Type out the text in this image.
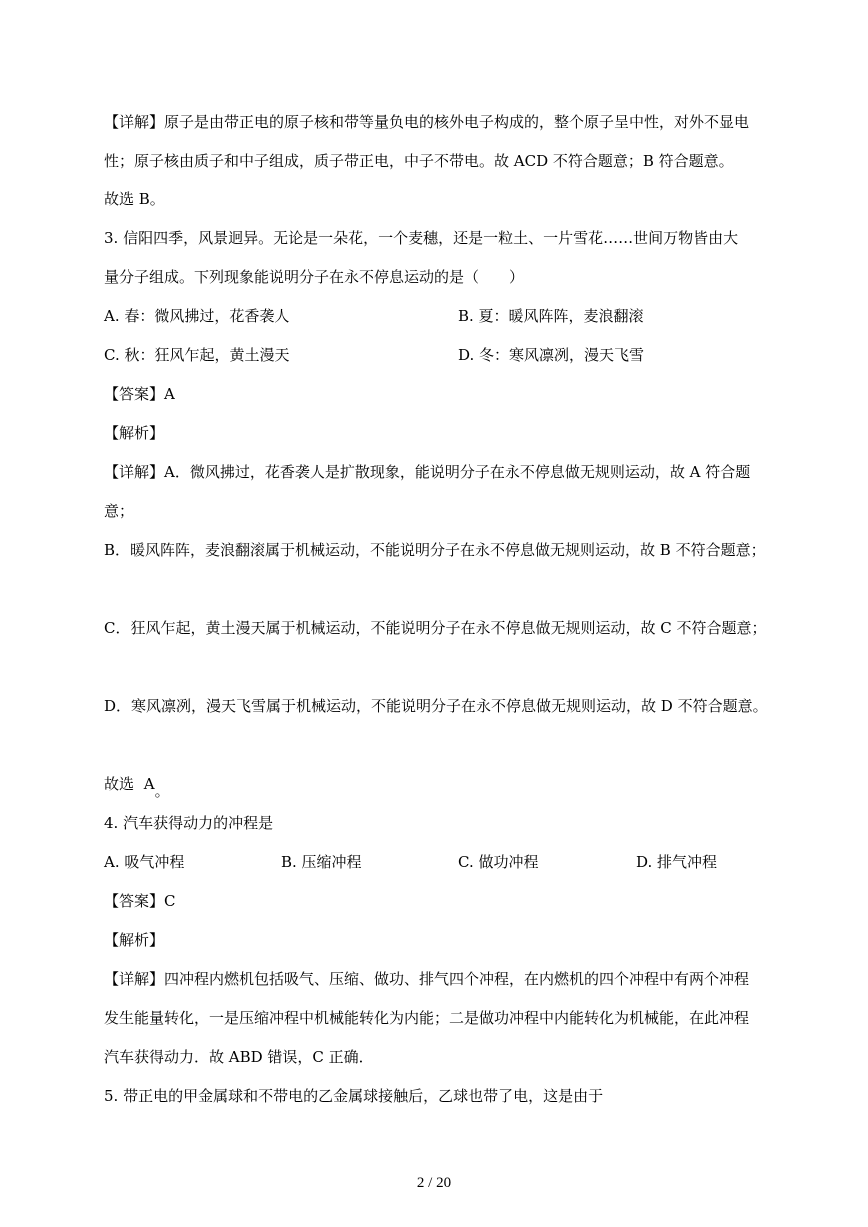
【详解】原子是由带正电的原子核和带等量负电的核外电子构成的，整个原子呈中性，对外不显电
性；原子核由质子和中子组成，质子带正电，中子不带电。故 ACD 不符合题意；B 符合题意。
故选 B。
3. 信阳四季，风景迥异。无论是一朵花，一个麦穗，还是一粒土、一片雪花……世间万物皆由大
量分子组成。下列现象能说明分子在永不停息运动的是（　　）
A. 春：微风拂过，花香袭人	B. 夏：暖风阵阵，麦浪翻滚
C. 秋：狂风乍起，黄土漫天	D. 冬：寒风凛冽，漫天飞雪
【答案】A
【解析】
【详解】A．微风拂过，花香袭人是扩散现象，能说明分子在永不停息做无规则运动，故 A 符合题
意；
B．暖风阵阵，麦浪翻滚属于机械运动，不能说明分子在永不停息做无规则运动，故 B 不符合题意；
C．狂风乍起，黄土漫天属于机械运动，不能说明分子在永不停息做无规则运动，故 C 不符合题意；
D．寒风凛冽，漫天飞雪属于机械运动，不能说明分子在永不停息做无规则运动，故 D 不符合题意。
故选 A。
4. 汽车获得动力的冲程是
A. 吸气冲程	B. 压缩冲程	C. 做功冲程	D. 排气冲程
【答案】C
【解析】
【详解】四冲程内燃机包括吸气、压缩、做功、排气四个冲程，在内燃机的四个冲程中有两个冲程
发生能量转化，一是压缩冲程中机械能转化为内能；二是做功冲程中内能转化为机械能，在此冲程
汽车获得动力．故 ABD 错误，C 正确．
5. 带正电的甲金属球和不带电的乙金属球接触后，乙球也带了电，这是由于
2 / 20
